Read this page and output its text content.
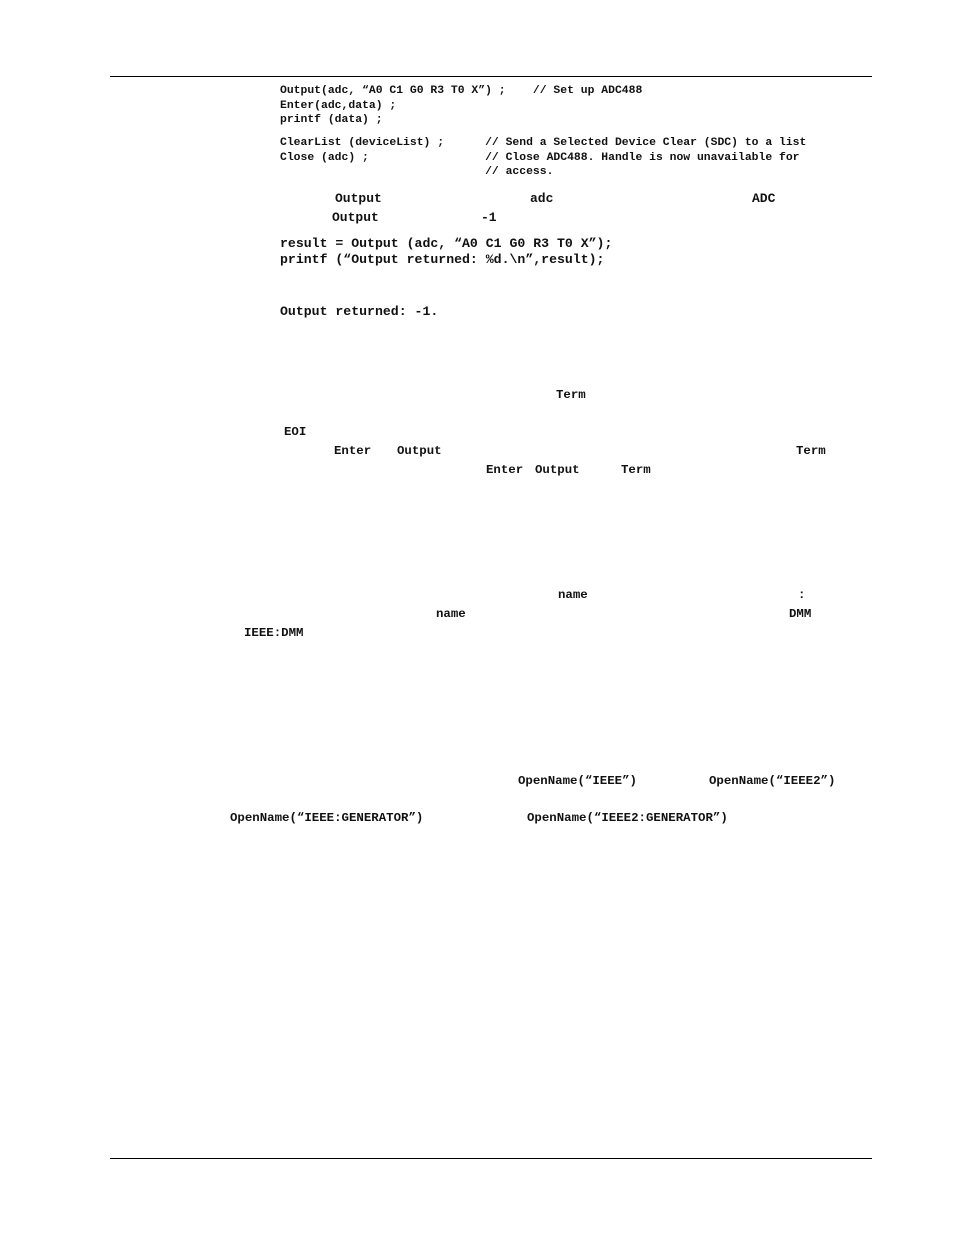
Output(adc, “A0 C1 G0 R3 T0 X”) ;    // Set up ADC488
Enter(adc,data) ;
printf (data) ;
ClearList (deviceList) ;      // Send a Selected Device Clear (SDC) to a list
Close (adc) ;                 // Close ADC488. Handle is now unavailable for
// access.
Output	adc	ADC
Output	-1
result = Output (adc, “A0 C1 G0 R3 T0 X”);
printf (“Output returned: %d.\n”,result);
Output returned: -1.
Term
EOI
Enter Output	Term
Enter Output	Term
name	:
name	DMM
IEEE:DMM
OpenName(“IEEE”)	OpenName(“IEEE2”)
OpenName(“IEEE:GENERATOR”)	OpenName(“IEEE2:GENERATOR”)
